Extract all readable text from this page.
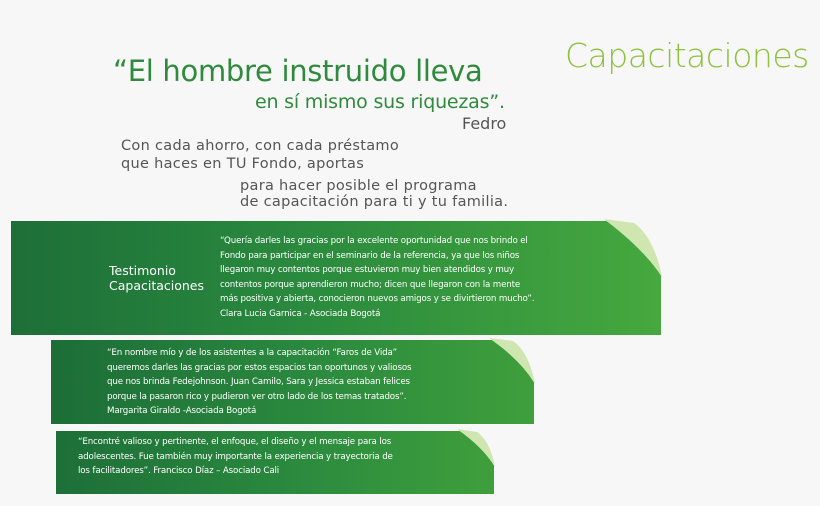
Capacitaciones
“El hombre instruido lleva
en sí mismo sus riquezas”.
Fedro
Con cada ahorro, con cada préstamo
que haces en TU Fondo, aportas
para hacer posible el programa
de capacitación para ti y tu familia.
Testimonio
Capacitaciones
“Quería darles las gracias por la excelente oportunidad que nos brindo el
Fondo para participar en el seminario de la referencia, ya que los niños
llegaron muy contentos porque estuvieron muy bien atendidos y muy
contentos porque aprendieron mucho; dicen que llegaron con la mente
más positiva y abierta, conocieron nuevos amigos y se divirtieron mucho”.
Clara Lucia Garnica - Asociada Bogotá
“En nombre mío y de los asistentes a la capacitación “Faros de Vida”
queremos darles las gracias por estos espacios tan oportunos y valiosos
que nos brinda Fedejohnson. Juan Camilo, Sara y Jessica estaban felices
porque la pasaron rico y pudieron ver otro lado de los temas tratados”.
Margarita Giraldo -Asociada Bogotá
“Encontré valioso y pertinente, el enfoque, el diseño y el mensaje para los
adolescentes. Fue también muy importante la experiencia y trayectoria de
los facilitadores”. Francisco Díaz – Asociado Cali
